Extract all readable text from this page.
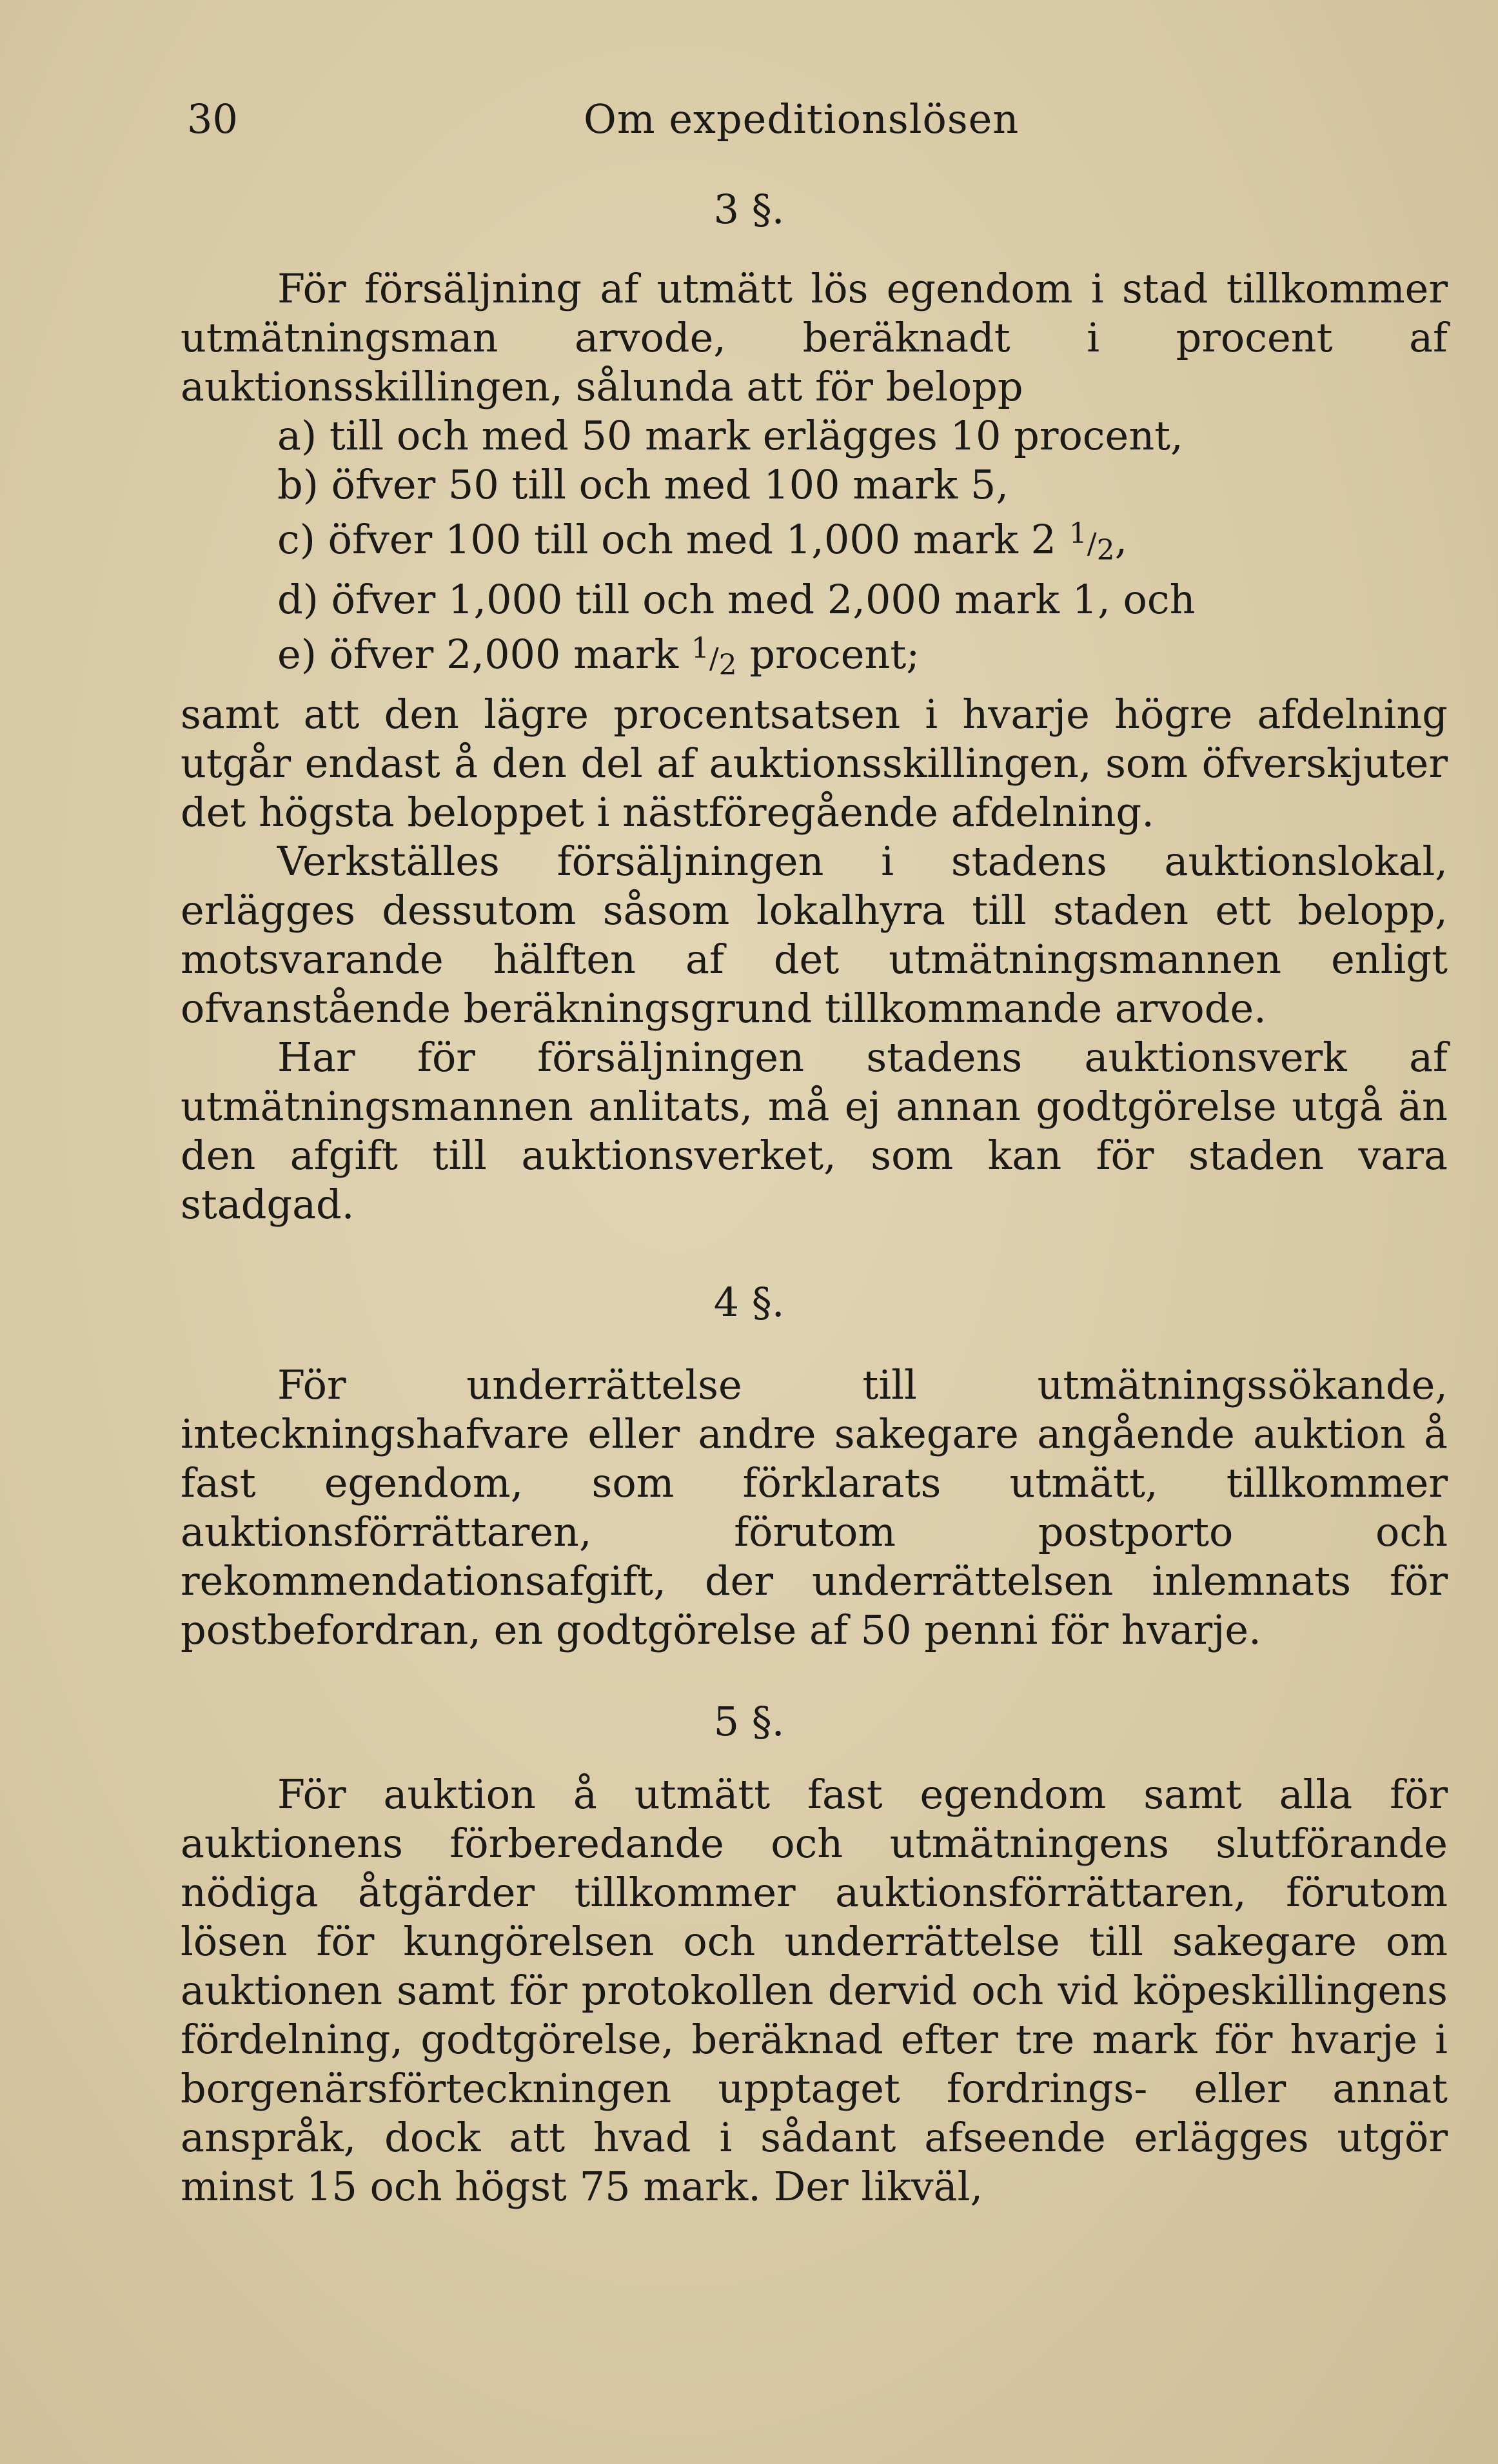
30	Om expeditionslösen
3 §.

För försäljning af utmätt lös egendom i stad tillkommer utmätningsman arvode, beräknadt i procent af auktionsskillingen, sålunda att för belopp

a) till och med 50 mark erlägges 10 procent,
b) öfver 50 till och med 100 mark 5,
c) öfver 100 till och med 1,000 mark 2 1/2,
d) öfver 1,000 till och med 2,000 mark 1, och
e) öfver 2,000 mark 1/2 procent;

samt att den lägre procentsatsen i hvarje högre afdelning utgår endast å den del af auktionsskillingen, som öfverskjuter det högsta beloppet i nästföregående afdelning.

Verkställes försäljningen i stadens auktionslokal, erlägges dessutom såsom lokalhyra till staden ett belopp, motsvarande hälften af det utmätningsmannen enligt ofvanstående beräkningsgrund tillkommande arvode.

Har för försäljningen stadens auktionsverk af utmätningsmannen anlitats, må ej annan godtgörelse utgå än den afgift till auktionsverket, som kan för staden vara stadgad.

4 §.

För underrättelse till utmätningssökande, inteckningshafvare eller andre sakegare angående auktion å fast egendom, som förklarats utmätt, tillkommer auktionsförrättaren, förutom postporto och rekommendationsafgift, der underrättelsen inlemnats för postbefordran, en godtgörelse af 50 penni för hvarje.

5 §.

För auktion å utmätt fast egendom samt alla för auktionens förberedande och utmätningens slutförande nödiga åtgärder tillkommer auktionsförrättaren, förutom lösen för kungörelsen och underrättelse till sakegare om auktionen samt för protokollen dervid och vid köpeskillingens fördelning, godtgörelse, beräknad efter tre mark för hvarje i borgenärsförteckningen upptaget fordrings- eller annat anspråk, dock att hvad i sådant afseende erlägges utgör minst 15 och högst 75 mark. Der likväl,
